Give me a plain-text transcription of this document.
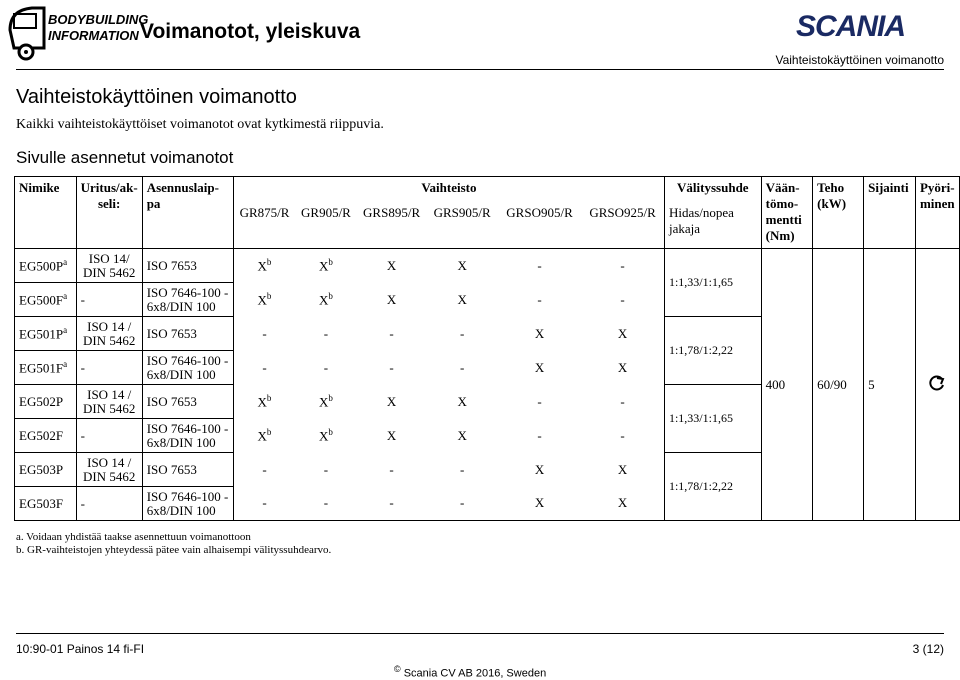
BODYBUILDING
INFORMATION Voimanotot, yleiskuva	SCANIA
Vaihteistokäyttöinen voimanotto
Vaihteistokäyttöinen voimanotto
Kaikki vaihteistokäyttöiset voimanotot ovat kytkimestä riippuvia.
Sivulle asennetut voimanotot
Nimike	Uritus/ak-seli:	Asennuslaip-pa	Vaihteisto						Välityssuhde	Vään-tömo-mentti (Nm)	Teho (kW)	Sijainti	Pyöri-minen
			GR875/R	GR905/R	GRS895/R	GRS905/R	GRSO905/R	GRSO925/R	Hidas/nopea jakaja				
$EG500P^a$	ISO 14/ DIN 5462	ISO 7653	$X^b$	$X^b$	X	X	-	-	1:1,33/1:1,65	400	60/90	5	
$EG500F^a$	-	ISO 7646-100 - 6x8/DIN 100	$X^b$	$X^b$	X	X	-	-					
$EG501P^a$	ISO 14 / DIN 5462	ISO 7653	-	-	-	-	X	X	1:1,78/1:2,22				
$EG501F^a$	-	ISO 7646-100 - 6x8/DIN 100	-	-	-	-	X	X					
EG502P	ISO 14 / DIN 5462	ISO 7653	$X^b$	$X^b$	X	X	-	-	1:1,33/1:1,65				
EG502F	-	ISO 7646-100 - 6x8/DIN 100	$X^b$	$X^b$	X	X	-	-					
EG503P	ISO 14 / DIN 5462	ISO 7653	-	-	-	-	X	X	1:1,78/1:2,22				
EG503F	-	ISO 7646-100 - 6x8/DIN 100	-	-	-	-	X	X					
a. Voidaan yhdistää taakse asennettuun voimanottoon
b. GR-vaihteistojen yhteydessä pätee vain alhaisempi välityssuhdearvo.
10:90-01 Painos 14 fi-FI	3 (12)
© Scania CV AB 2016, Sweden
